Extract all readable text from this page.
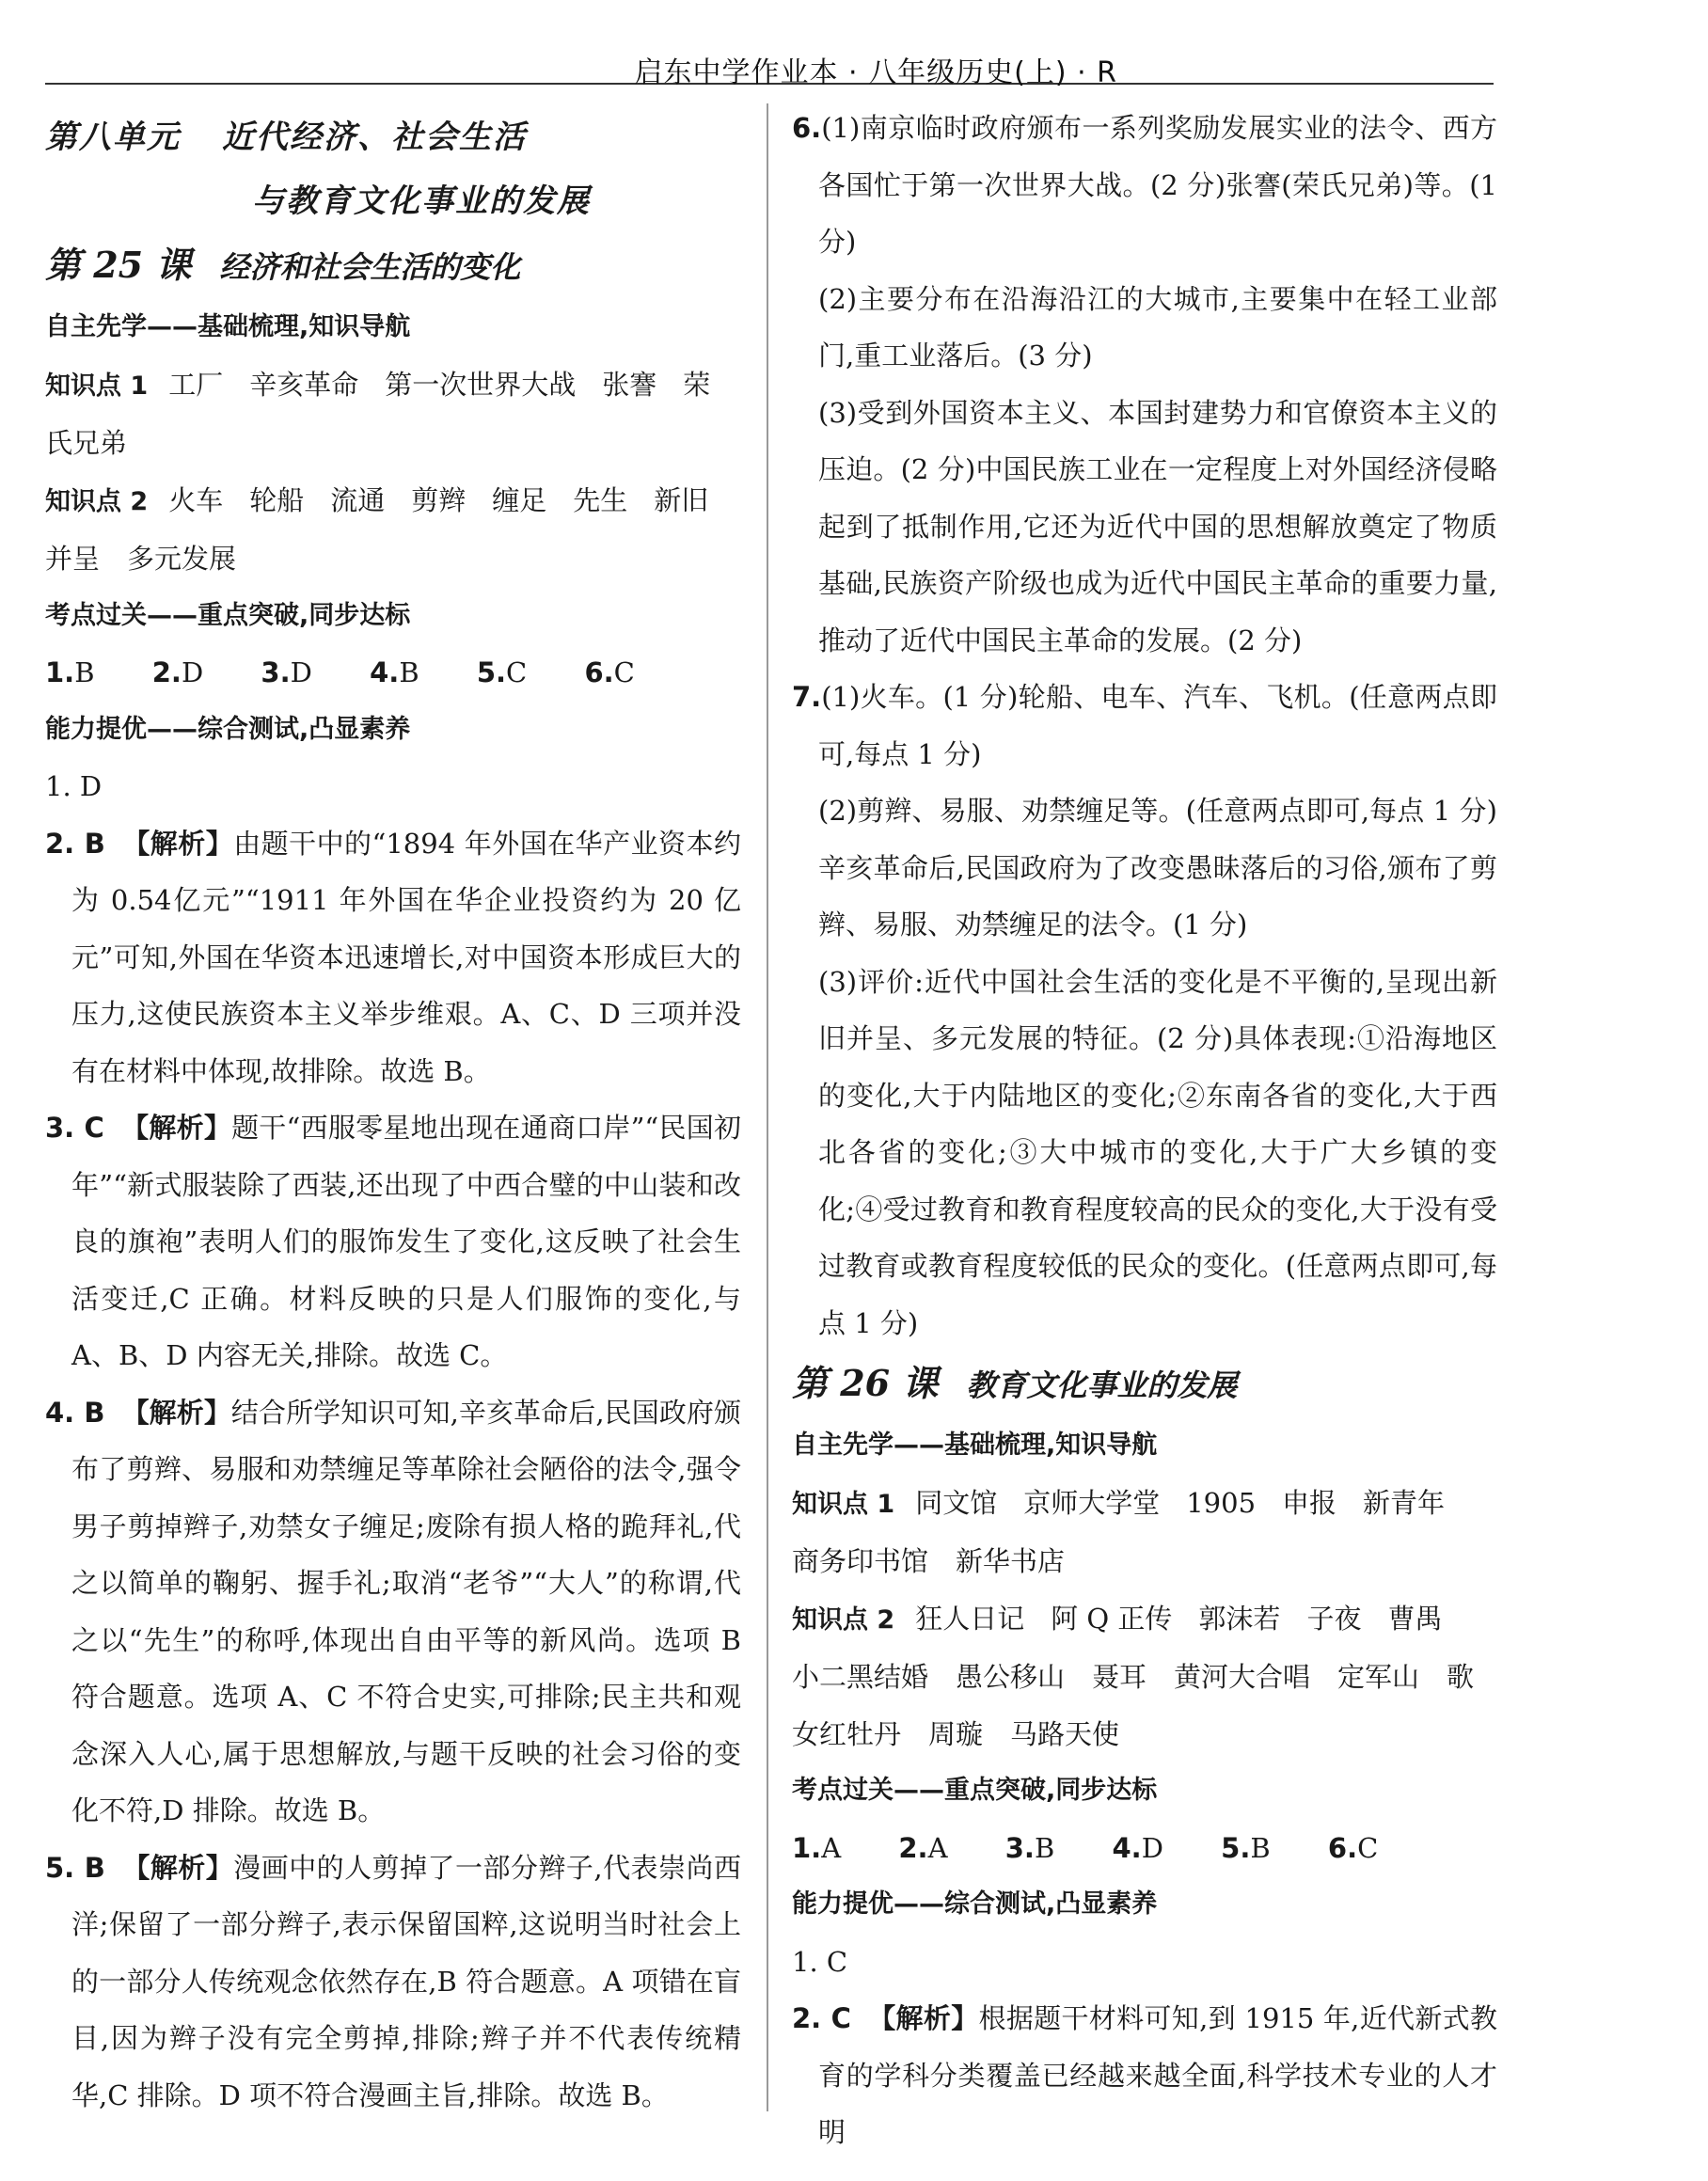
启东中学作业本 · 八年级历史(上) · R
第八单元 近代经济、社会生活
与教育文化事业的发展

第 25 课 经济和社会生活的变化

自主先学——基础梳理,知识导航

知识点 1 工厂 辛亥革命 第一次世界大战 张謇 荣

氏兄弟

知识点 2 火车 轮船 流通 剪辫 缠足 先生 新旧

并呈　多元发展

考点过关——重点突破,同步达标

1.B 2.D 3.D 4.B 5.C 6.C

能力提优——综合测试,凸显素养

1. D

2. B 【解析】由题干中的“1894 年外国在华产业资本约为 0.54亿元”“1911 年外国在华企业投资约为 20 亿元”可知,外国在华资本迅速增长,对中国资本形成巨大的压力,这使民族资本主义举步维艰。A、C、D 三项并没有在材料中体现,故排除。故选 B。

3. C 【解析】题干“西服零星地出现在通商口岸”“民国初年”“新式服装除了西装,还出现了中西合璧的中山装和改良的旗袍”表明人们的服饰发生了变化,这反映了社会生活变迁,C 正确。材料反映的只是人们服饰的变化,与 A、B、D 内容无关,排除。故选 C。

4. B 【解析】结合所学知识可知,辛亥革命后,民国政府颁布了剪辫、易服和劝禁缠足等革除社会陋俗的法令,强令男子剪掉辫子,劝禁女子缠足;废除有损人格的跪拜礼,代之以简单的鞠躬、握手礼;取消“老爷”“大人”的称谓,代之以“先生”的称呼,体现出自由平等的新风尚。选项 B 符合题意。选项 A、C 不符合史实,可排除;民主共和观念深入人心,属于思想解放,与题干反映的社会习俗的变化不符,D 排除。故选 B。

5. B 【解析】漫画中的人剪掉了一部分辫子,代表崇尚西洋;保留了一部分辫子,表示保留国粹,这说明当时社会上的一部分人传统观念依然存在,B 符合题意。A 项错在盲目,因为辫子没有完全剪掉,排除;辫子并不代表传统精华,C 排除。D 项不符合漫画主旨,排除。故选 B。

6.(1)南京临时政府颁布一系列奖励发展实业的法令、西方各国忙于第一次世界大战。(2 分)张謇(荣氏兄弟)等。(1 分)

(2)主要分布在沿海沿江的大城市,主要集中在轻工业部门,重工业落后。(3 分)

(3)受到外国资本主义、本国封建势力和官僚资本主义的压迫。(2 分)中国民族工业在一定程度上对外国经济侵略起到了抵制作用,它还为近代中国的思想解放奠定了物质基础,民族资产阶级也成为近代中国民主革命的重要力量,推动了近代中国民主革命的发展。(2 分)

7.(1)火车。(1 分)轮船、电车、汽车、飞机。(任意两点即可,每点 1 分)

(2)剪辫、易服、劝禁缠足等。(任意两点即可,每点 1 分)辛亥革命后,民国政府为了改变愚昧落后的习俗,颁布了剪辫、易服、劝禁缠足的法令。(1 分)

(3)评价:近代中国社会生活的变化是不平衡的,呈现出新旧并呈、多元发展的特征。(2 分)具体表现:①沿海地区的变化,大于内陆地区的变化;②东南各省的变化,大于西北各省的变化;③大中城市的变化,大于广大乡镇的变化;④受过教育和教育程度较高的民众的变化,大于没有受过教育或教育程度较低的民众的变化。(任意两点即可,每点 1 分)

第 26 课 教育文化事业的发展

自主先学——基础梳理,知识导航

知识点 1 同文馆 京师大学堂 1905 申报 新青年

商务印书馆　新华书店

知识点 2 狂人日记 阿 Q 正传 郭沫若 子夜 曹禺

小二黑结婚　愚公移山　聂耳　黄河大合唱　定军山　歌

女红牡丹　周璇　马路天使

考点过关——重点突破,同步达标

1.A 2.A 3.B 4.D 5.B 6.C

能力提优——综合测试,凸显素养

1. C

2. C 【解析】根据题干材料可知,到 1915 年,近代新式教育的学科分类覆盖已经越来越全面,科学技术专业的人才明
